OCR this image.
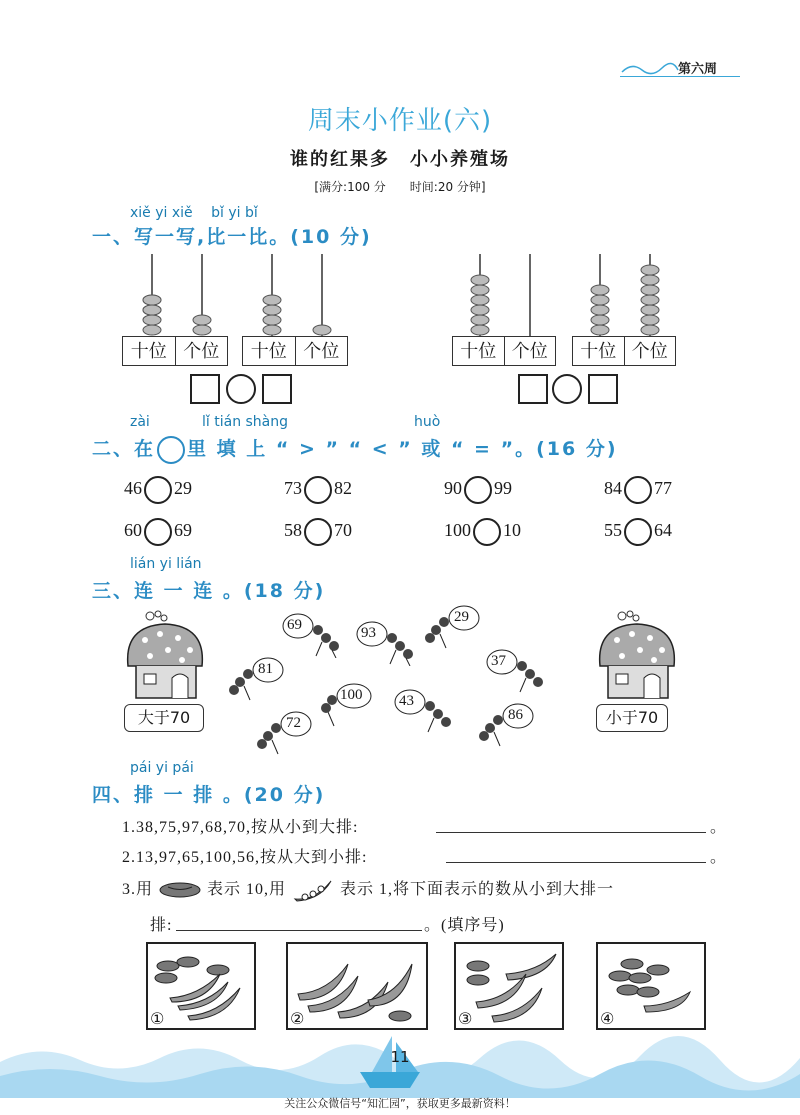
第六周
周末小作业(六)
谁的红果多　小小养殖场
[满分:100 分　　时间:20 分钟]
xiě yi xiě　 bǐ yi bǐ
一、写一写,比一比。(10 分)
十位 个位	十位 个位	十位 个位	十位 个位
zài	lǐ tián shàng	huò
二、在 里 填 上 “ > ” “ < ” 或 “ = ”。(16 分)
46 29	73 82	90 99	84 77
60 69	58 70	100 10	55 64
lián yi lián
三、连 一 连 。(18 分)
大于70	小于70
69	93
29
81	37
100 43
86
72
pái yi pái
四、排 一 排 。(20 分)
1.38,75,97,68,70,按从小到大排:	。
2.13,97,65,100,56,按从大到小排:	。
3.用	表示 10,用	表示 1,将下面表示的数从小到大排一
排:	。(填序号)
①	②	③	④
11
关注公众微信号“知汇园”，获取更多最新资料！
